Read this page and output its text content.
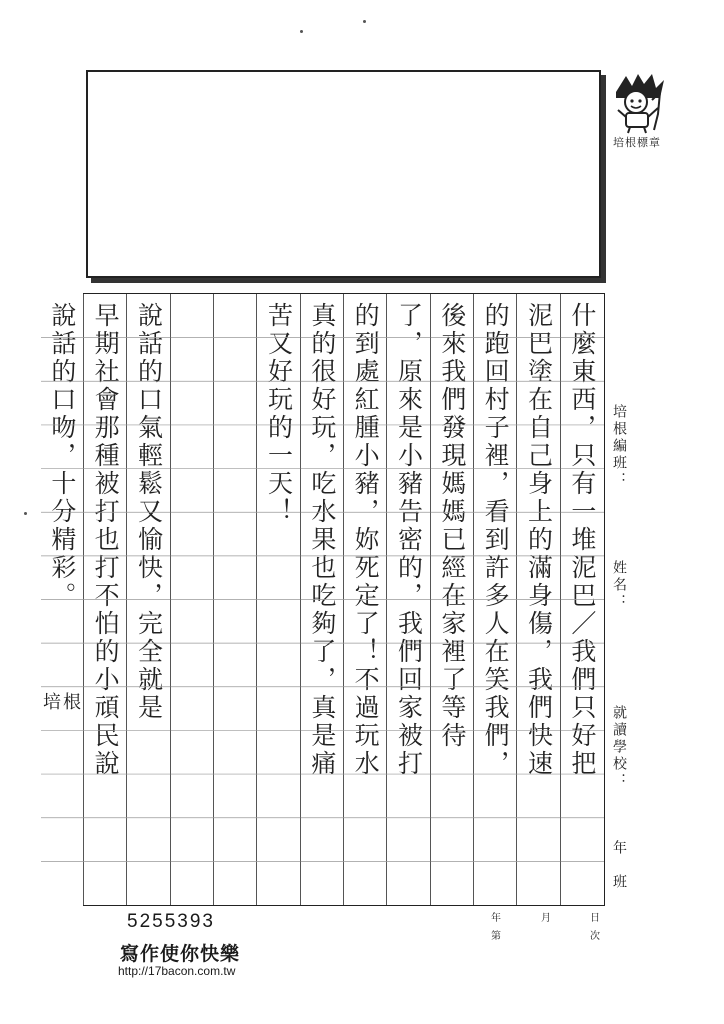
培根標章
培根編班：
姓名：
就讀學校：
年　班
什麼東西，只有一堆泥巴／我們只好把
泥巴塗在自己身上的滿身傷，我們快速
的跑回村子裡，看到許多人在笑我們，
後來我們發現媽媽已經在家裡了等待
了，原來是小豬告密的，我們回家被打
的到處紅腫小豬，妳死定了！不過玩水
真的很好玩，吃水果也吃夠了，真是痛
苦又好玩的一天！
說話的口氣輕鬆又愉快，完全就是
早期社會那種被打也打不怕的小頑民說
說話的口吻，十分精彩。
培根
5255393
寫作使你快樂
http://17bacon.com.tw
年	月	日
第	次
